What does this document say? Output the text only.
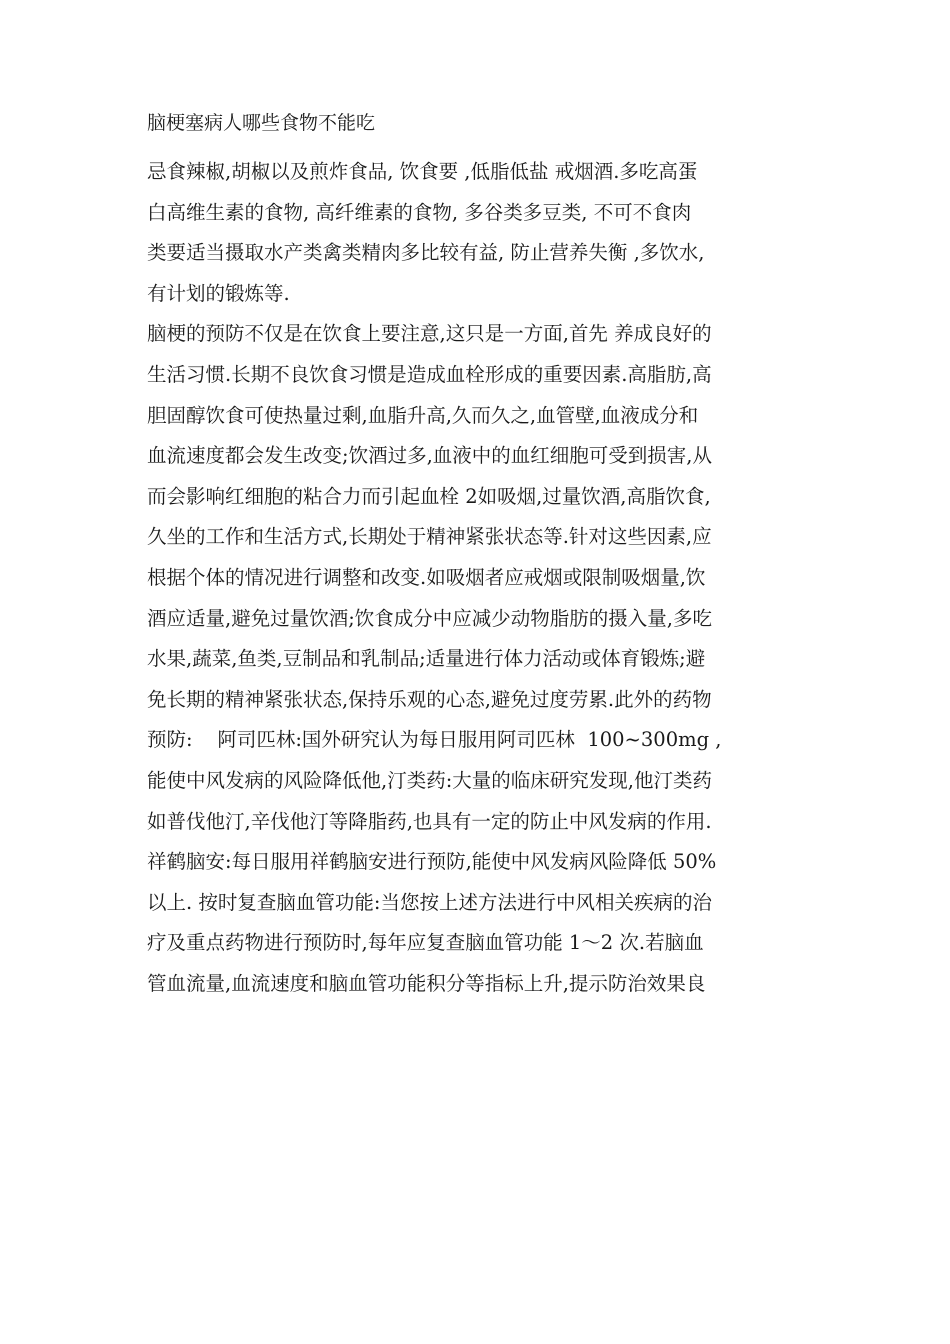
脑梗塞病人哪些食物不能吃
忌食辣椒,胡椒以及煎炸食品, 饮食要 ,低脂低盐 戒烟酒.多吃高蛋
白高维生素的食物, 高纤维素的食物, 多谷类多豆类, 不可不食肉
类要适当摄取水产类禽类精肉多比较有益, 防止营养失衡 ,多饮水,
有计划的锻炼等.
脑梗的预防不仅是在饮食上要注意,这只是一方面,首先 养成良好的
生活习惯.长期不良饮食习惯是造成血栓形成的重要因素.高脂肪,高
胆固醇饮食可使热量过剩,血脂升高,久而久之,血管壁,血液成分和
血流速度都会发生改变;饮酒过多,血液中的血红细胞可受到损害,从
而会影响红细胞的粘合力而引起血栓 2如吸烟,过量饮酒,高脂饮食,
久坐的工作和生活方式,长期处于精神紧张状态等.针对这些因素,应
根据个体的情况进行调整和改变.如吸烟者应戒烟或限制吸烟量,饮
酒应适量,避免过量饮酒;饮食成分中应减少动物脂肪的摄入量,多吃
水果,蔬菜,鱼类,豆制品和乳制品;适量进行体力活动或体育锻炼;避
免长期的精神紧张状态,保持乐观的心态,避免过度劳累.此外的药物
预防:    阿司匹林:国外研究认为每日服用阿司匹林  100~300mg ,
能使中风发病的风险降低他,汀类药:大量的临床研究发现,他汀类药
如普伐他汀,辛伐他汀等降脂药,也具有一定的防止中风发病的作用.
祥鹤脑安:每日服用祥鹤脑安进行预防,能使中风发病风险降低 50%
以上. 按时复查脑血管功能:当您按上述方法进行中风相关疾病的治
疗及重点药物进行预防时,每年应复查脑血管功能 1～2 次.若脑血
管血流量,血流速度和脑血管功能积分等指标上升,提示防治效果良
